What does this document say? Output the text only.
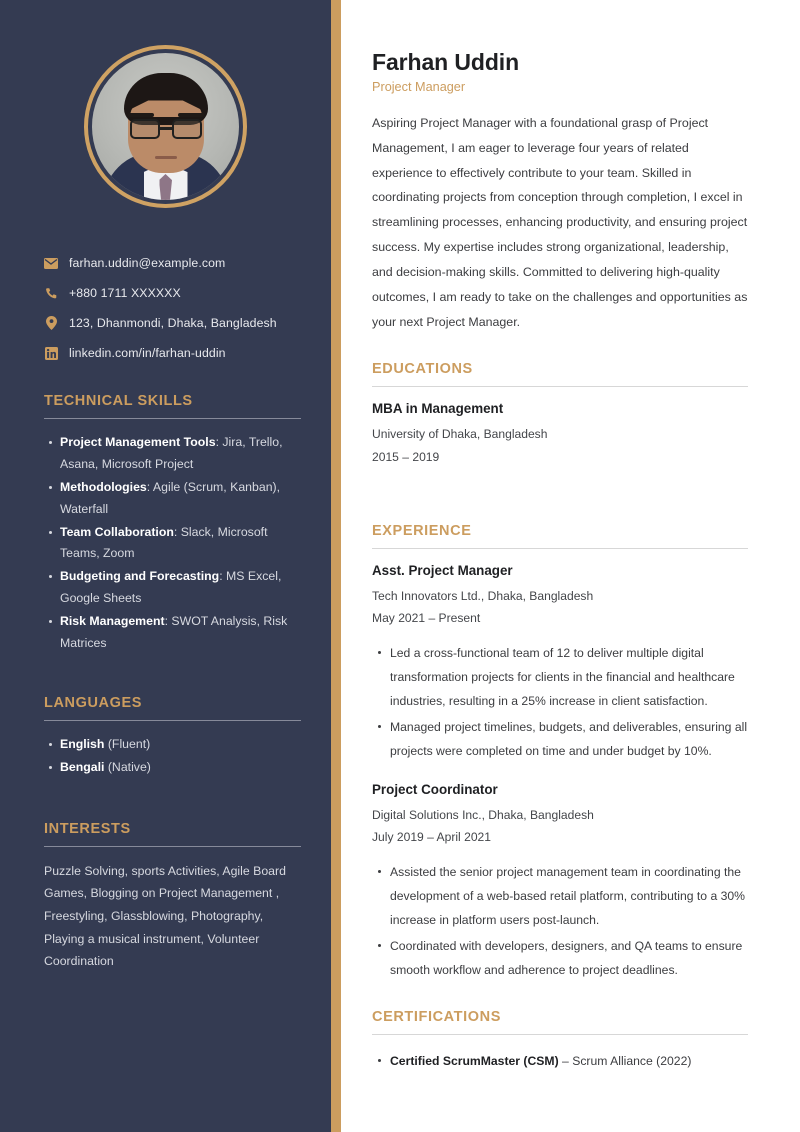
farhan.uddin@example.com
+880 1711 XXXXXX
123, Dhanmondi, Dhaka, Bangladesh
linkedin.com/in/farhan-uddin
TECHNICAL SKILLS
Project Management Tools: Jira, Trello, Asana, Microsoft Project
Methodologies: Agile (Scrum, Kanban), Waterfall
Team Collaboration: Slack, Microsoft Teams, Zoom
Budgeting and Forecasting: MS Excel, Google Sheets
Risk Management: SWOT Analysis, Risk Matrices
LANGUAGES
English (Fluent)
Bengali (Native)
INTERESTS
Puzzle Solving, sports Activities, Agile Board Games, Blogging on Project Management , Freestyling, Glassblowing, Photography, Playing a musical instrument, Volunteer Coordination
Farhan Uddin
Project Manager

Aspiring Project Manager with a foundational grasp of Project Management, I am eager to leverage four years of related experience to effectively contribute to your team. Skilled in coordinating projects from conception through completion, I excel in streamlining processes, enhancing productivity, and ensuring project success. My expertise includes strong organizational, leadership, and decision-making skills. Committed to delivering high-quality outcomes, I am ready to take on the challenges and opportunities as your next Project Manager.

EDUCATIONS
MBA in Management
University of Dhaka, Bangladesh
2015 – 2019
EXPERIENCE
Asst. Project Manager
Tech Innovators Ltd., Dhaka, Bangladesh
May 2021 – Present
Led a cross-functional team of 12 to deliver multiple digital transformation projects for clients in the financial and healthcare industries, resulting in a 25% increase in client satisfaction.
Managed project timelines, budgets, and deliverables, ensuring all projects were completed on time and under budget by 10%.
Project Coordinator
Digital Solutions Inc., Dhaka, Bangladesh
July 2019 – April 2021
Assisted the senior project management team in coordinating the development of a web-based retail platform, contributing to a 30% increase in platform users post-launch.
Coordinated with developers, designers, and QA teams to ensure smooth workflow and adherence to project deadlines.
CERTIFICATIONS
Certified ScrumMaster (CSM) – Scrum Alliance (2022)
